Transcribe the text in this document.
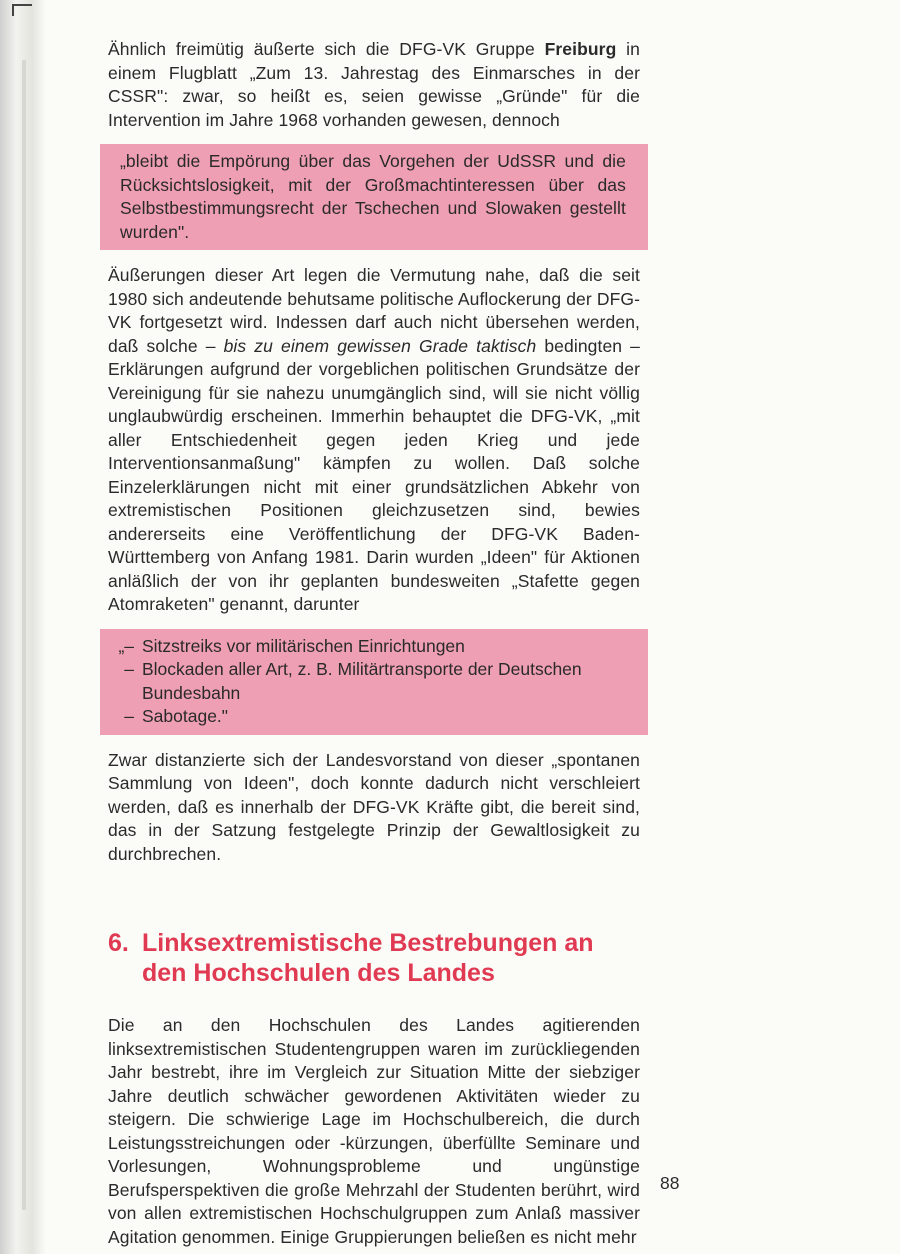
Ähnlich freimütig äußerte sich die DFG-VK Gruppe Freiburg in einem Flugblatt „Zum 13. Jahrestag des Einmarsches in der CSSR": zwar, so heißt es, seien gewisse „Gründe" für die Intervention im Jahre 1968 vorhanden gewesen, dennoch

„bleibt die Empörung über das Vorgehen der UdSSR und die Rücksichtslosigkeit, mit der Großmachtinteressen über das Selbstbestimmungsrecht der Tschechen und Slowaken gestellt wurden".

Äußerungen dieser Art legen die Vermutung nahe, daß die seit 1980 sich andeutende behutsame politische Auflockerung der DFG-VK fortgesetzt wird. Indessen darf auch nicht übersehen werden, daß solche – bis zu einem gewissen Grade taktisch bedingten – Erklärungen aufgrund der vorgeblichen politischen Grundsätze der Vereinigung für sie nahezu unumgänglich sind, will sie nicht völlig unglaubwürdig erscheinen. Immerhin behauptet die DFG-VK, „mit aller Entschiedenheit gegen jeden Krieg und jede Interventionsanmaßung" kämpfen zu wollen. Daß solche Einzelerklärungen nicht mit einer grundsätzlichen Abkehr von extremistischen Positionen gleichzusetzen sind, bewies andererseits eine Veröffentlichung der DFG-VK Baden-Württemberg von Anfang 1981. Darin wurden „Ideen" für Aktionen anläßlich der von ihr geplanten bundesweiten „Stafette gegen Atomraketen" genannt, darunter

„– Sitzstreiks vor militärischen Einrichtungen
– Blockaden aller Art, z. B. Militärtransporte der Deutschen Bundesbahn
– Sabotage."

Zwar distanzierte sich der Landesvorstand von dieser „spontanen Sammlung von Ideen", doch konnte dadurch nicht verschleiert werden, daß es innerhalb der DFG-VK Kräfte gibt, die bereit sind, das in der Satzung festgelegte Prinzip der Gewaltlosigkeit zu durchbrechen.

6. Linksextremistische Bestrebungen an den Hochschulen des Landes

Die an den Hochschulen des Landes agitierenden linksextremistischen Studentengruppen waren im zurückliegenden Jahr bestrebt, ihre im Vergleich zur Situation Mitte der siebziger Jahre deutlich schwächer gewordenen Aktivitäten wieder zu steigern. Die schwierige Lage im Hochschulbereich, die durch Leistungsstreichungen oder -kürzungen, überfüllte Seminare und Vorlesungen, Wohnungsprobleme und ungünstige Berufsperspektiven die große Mehrzahl der Studenten berührt, wird von allen extremistischen Hochschulgruppen zum Anlaß massiver Agitation genommen. Einige Gruppierungen beließen es nicht mehr

88
